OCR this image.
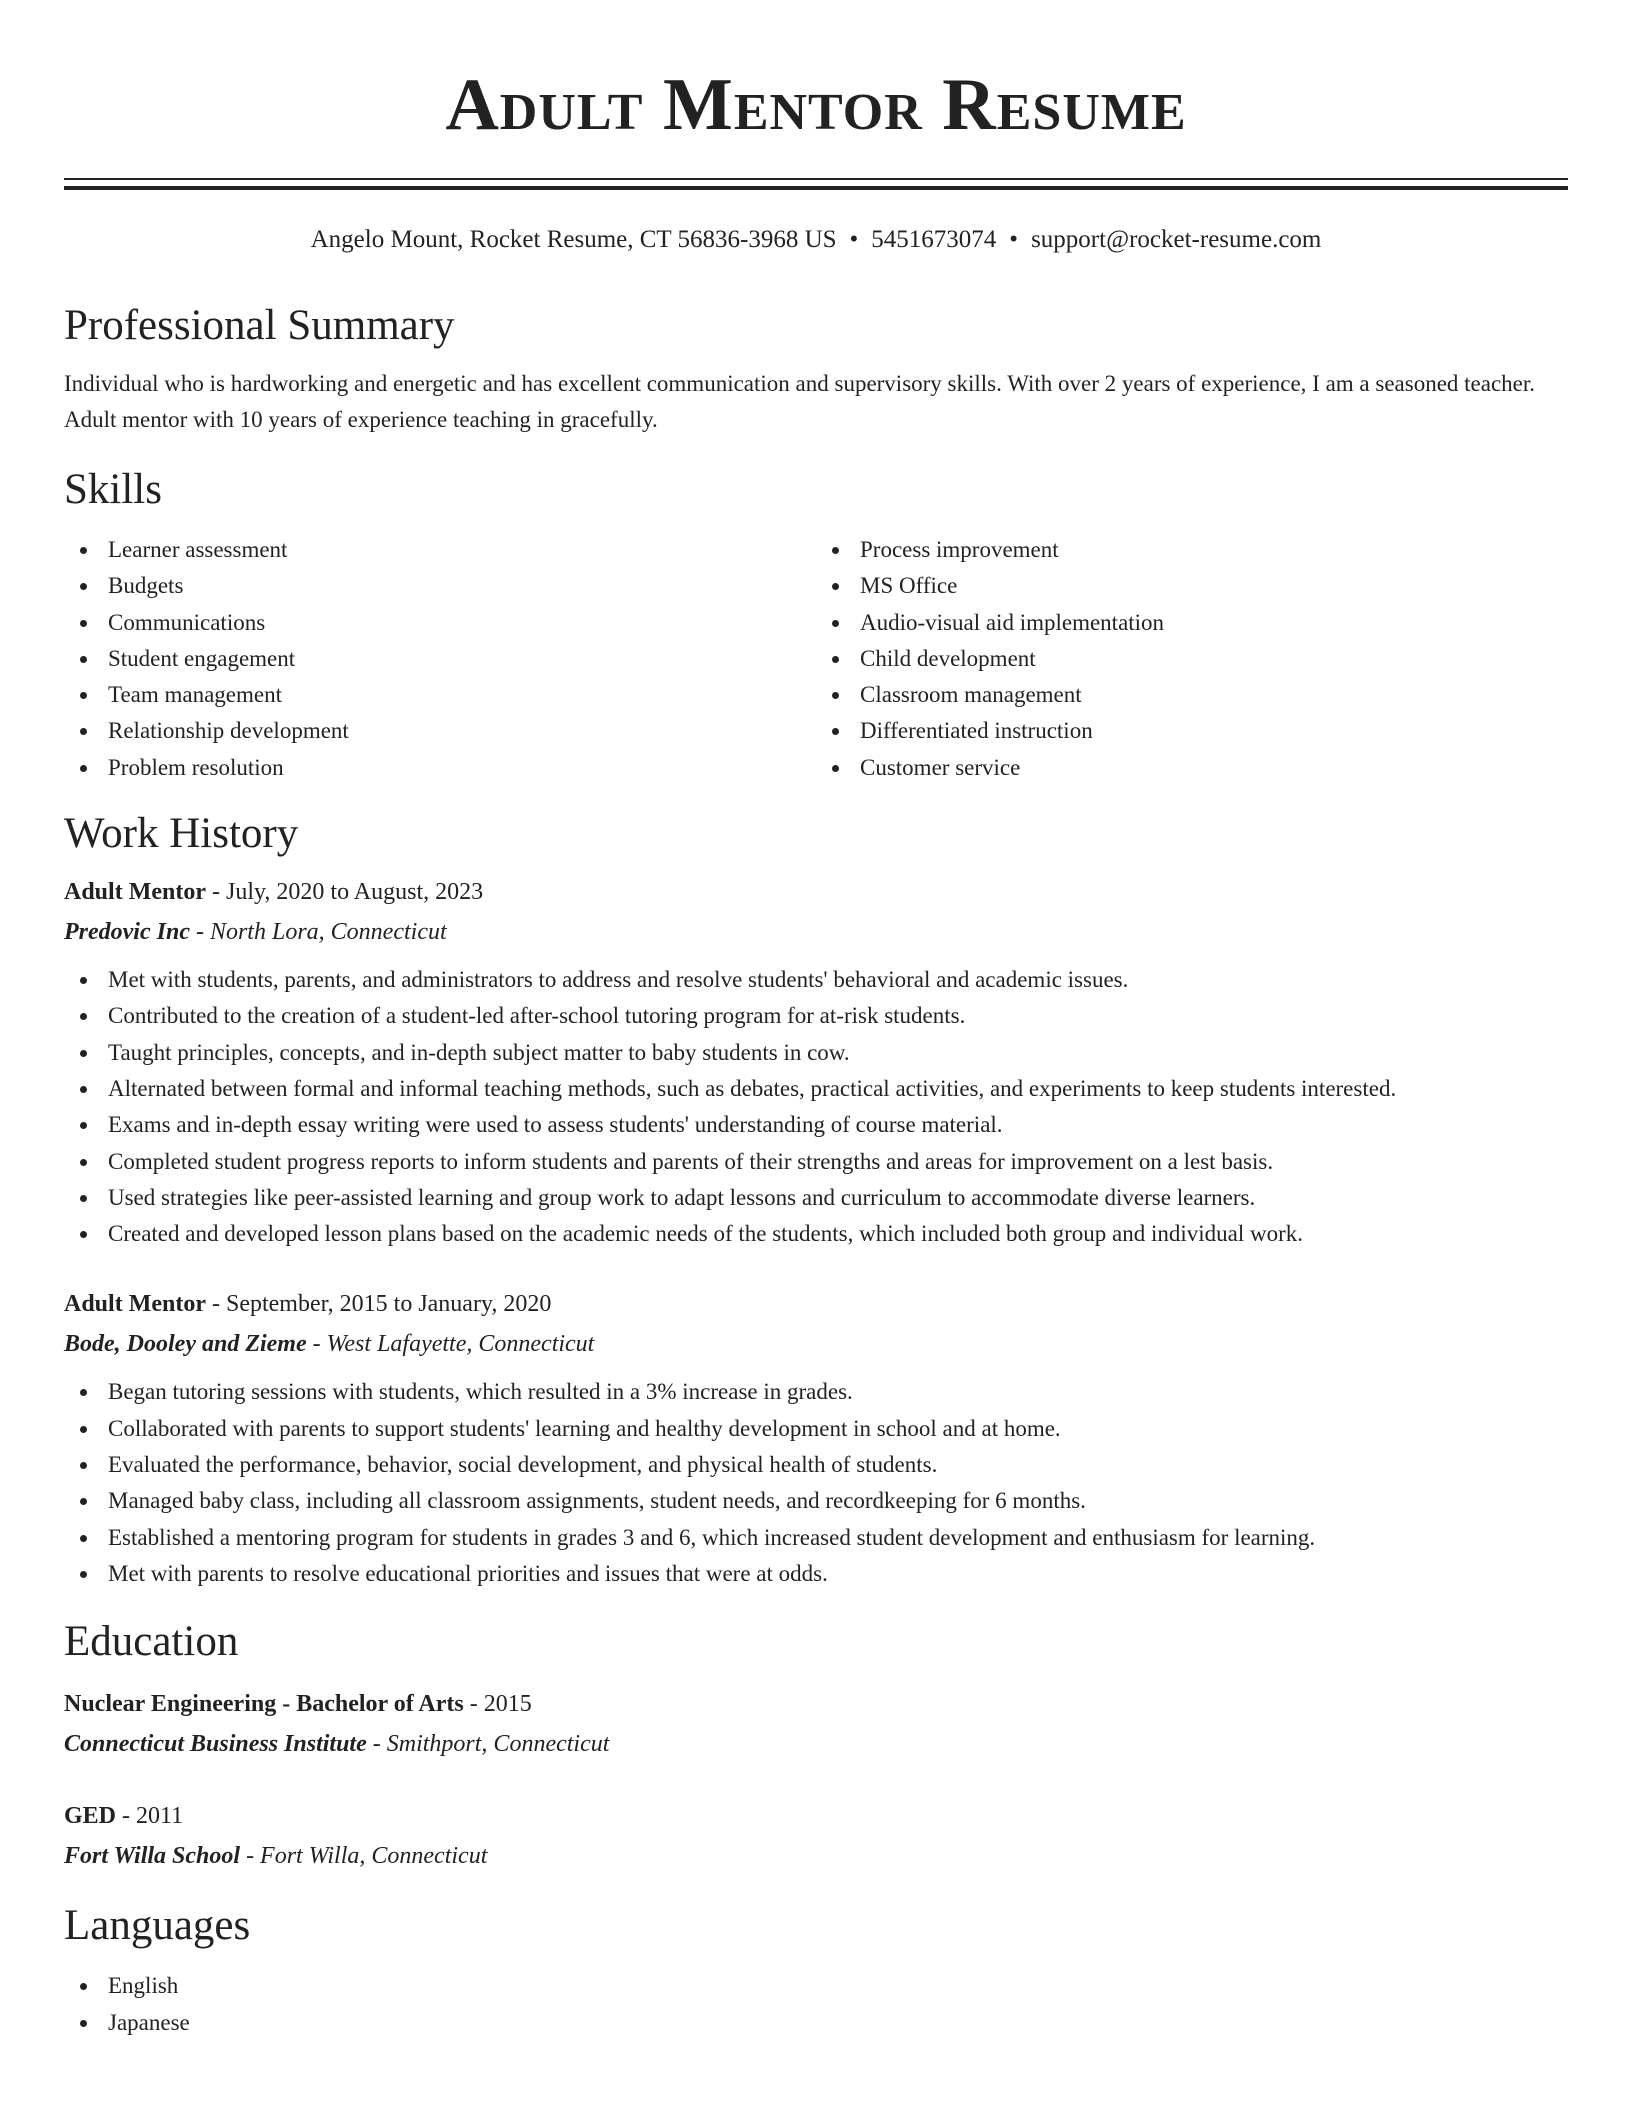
Adult Mentor Resume
Angelo Mount, Rocket Resume, CT 56836-3968 US • 5451673074 • support@rocket-resume.com
Professional Summary

Individual who is hardworking and energetic and has excellent communication and supervisory skills. With over 2 years of experience, I am a seasoned teacher. Adult mentor with 10 years of experience teaching in gracefully.

Skills
Learner assessment
Budgets
Communications
Student engagement
Team management
Relationship development
Problem resolution
Process improvement
MS Office
Audio-visual aid implementation
Child development
Classroom management
Differentiated instruction
Customer service
Work History
Adult Mentor - July, 2020 to August, 2023
Predovic Inc - North Lora, Connecticut
Met with students, parents, and administrators to address and resolve students' behavioral and academic issues.
Contributed to the creation of a student-led after-school tutoring program for at-risk students.
Taught principles, concepts, and in-depth subject matter to baby students in cow.
Alternated between formal and informal teaching methods, such as debates, practical activities, and experiments to keep students interested.
Exams and in-depth essay writing were used to assess students' understanding of course material.
Completed student progress reports to inform students and parents of their strengths and areas for improvement on a lest basis.
Used strategies like peer-assisted learning and group work to adapt lessons and curriculum to accommodate diverse learners.
Created and developed lesson plans based on the academic needs of the students, which included both group and individual work.
Adult Mentor - September, 2015 to January, 2020
Bode, Dooley and Zieme - West Lafayette, Connecticut
Began tutoring sessions with students, which resulted in a 3% increase in grades.
Collaborated with parents to support students' learning and healthy development in school and at home.
Evaluated the performance, behavior, social development, and physical health of students.
Managed baby class, including all classroom assignments, student needs, and recordkeeping for 6 months.
Established a mentoring program for students in grades 3 and 6, which increased student development and enthusiasm for learning.
Met with parents to resolve educational priorities and issues that were at odds.
Education
Nuclear Engineering - Bachelor of Arts - 2015
Connecticut Business Institute - Smithport, Connecticut
GED - 2011
Fort Willa School - Fort Willa, Connecticut
Languages
English
Japanese
